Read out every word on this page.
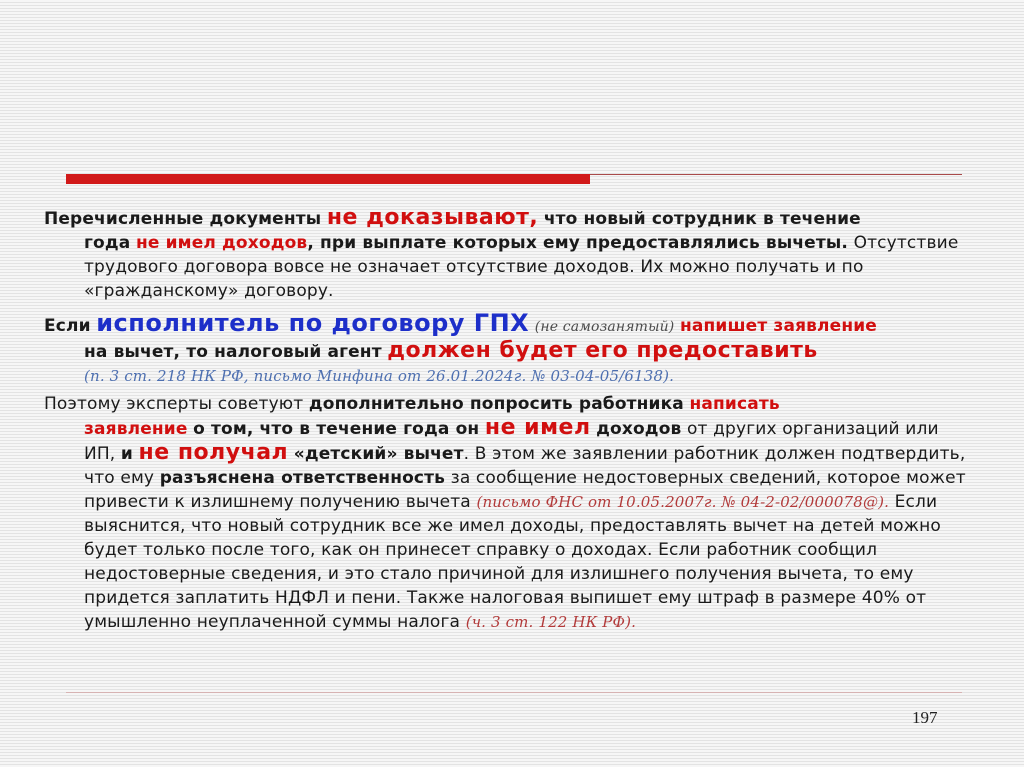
Перечисленные документы не доказывают, что новый сотрудник в течение
года не имел доходов, при выплате которых ему предоставлялись вычеты. Отсутствие трудового договора вовсе не означает отсутствие доходов. Их можно получать и по «гражданскому» договору.

Если исполнитель по договору ГПХ (не самозанятый) напишет заявление
на вычет, то налоговый агент должен будет его предоставить
(п. 3 ст. 218 НК РФ, письмо Минфина от 26.01.2024г. № 03-04-05/6138).

Поэтому эксперты советуют дополнительно попросить работника написать
заявление о том, что в течение года он не имел доходов от других организаций или ИП, и не получал «детский» вычет. В этом же заявлении работник должен подтвердить, что ему разъяснена ответственность за сообщение недостоверных сведений, которое может привести к излишнему получению вычета (письмо ФНС от 10.05.2007г. № 04-2-02/000078@). Если выяснится, что новый сотрудник все же имел доходы, предоставлять вычет на детей можно будет только после того, как он принесет справку о доходах. Если работник сообщил недостоверные сведения, и это стало причиной для излишнего получения вычета, то ему придется заплатить НДФЛ и пени. Также налоговая выпишет ему штраф в размере 40% от умышленно неуплаченной суммы налога (ч. 3 ст. 122 НК РФ).

197
